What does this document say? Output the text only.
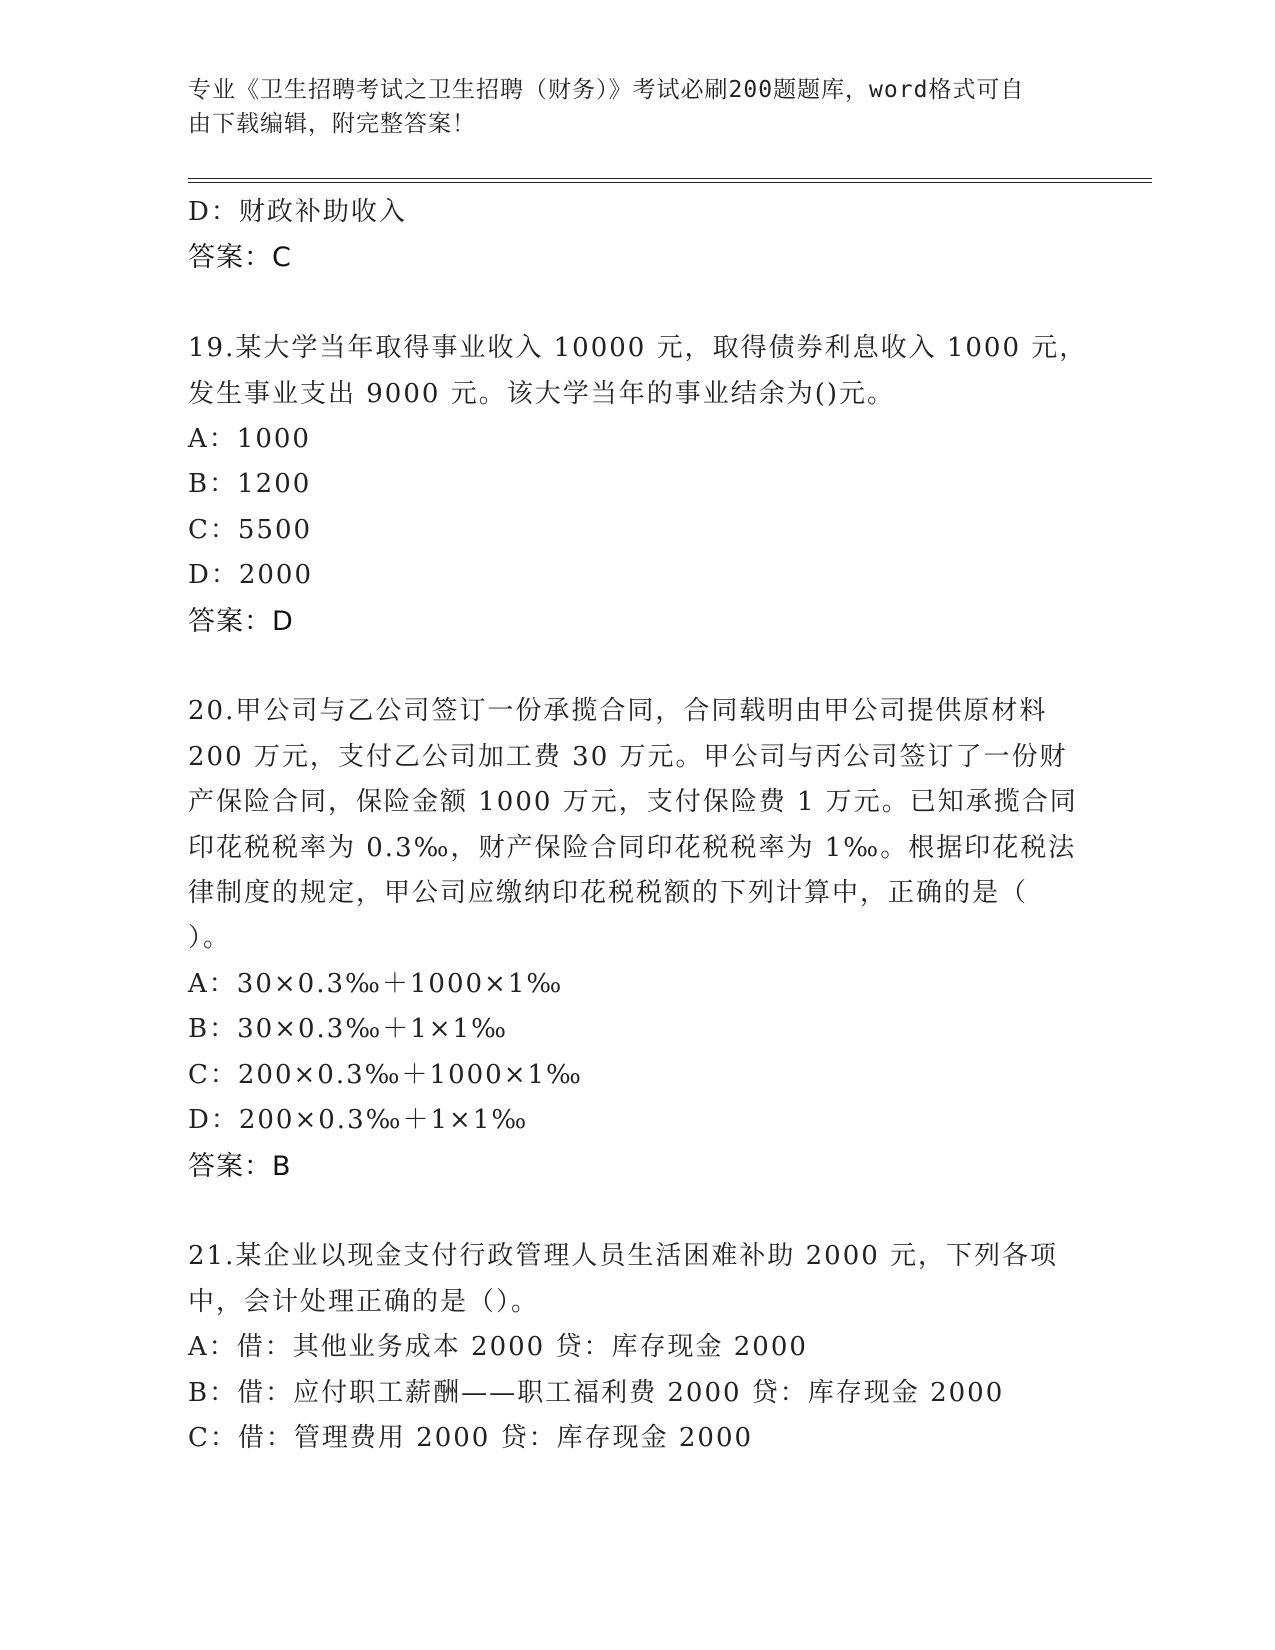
专业《卫生招聘考试之卫生招聘（财务）》考试必刷200题题库，word格式可自
由下载编辑，附完整答案！
D：财政补助收入
答案：C
19.某大学当年取得事业收入 10000 元，取得债券利息收入 1000 元，
发生事业支出 9000 元。该大学当年的事业结余为()元。
A：1000
B：1200
C：5500
D：2000
答案：D
20.甲公司与乙公司签订一份承揽合同，合同载明由甲公司提供原材料
200 万元，支付乙公司加工费 30 万元。甲公司与丙公司签订了一份财
产保险合同，保险金额 1000 万元，支付保险费 1 万元。已知承揽合同
印花税税率为 0.3‰，财产保险合同印花税税率为 1‰。根据印花税法
律制度的规定，甲公司应缴纳印花税税额的下列计算中，正确的是（
）。
A：30×0.3‰＋1000×1‰
B：30×0.3‰＋1×1‰
C：200×0.3‰＋1000×1‰
D：200×0.3‰＋1×1‰
答案：B
21.某企业以现金支付行政管理人员生活困难补助 2000 元，下列各项
中，会计处理正确的是（）。
A：借：其他业务成本 2000 贷：库存现金 2000
B：借：应付职工薪酬——职工福利费 2000 贷：库存现金 2000
C：借：管理费用 2000 贷：库存现金 2000
